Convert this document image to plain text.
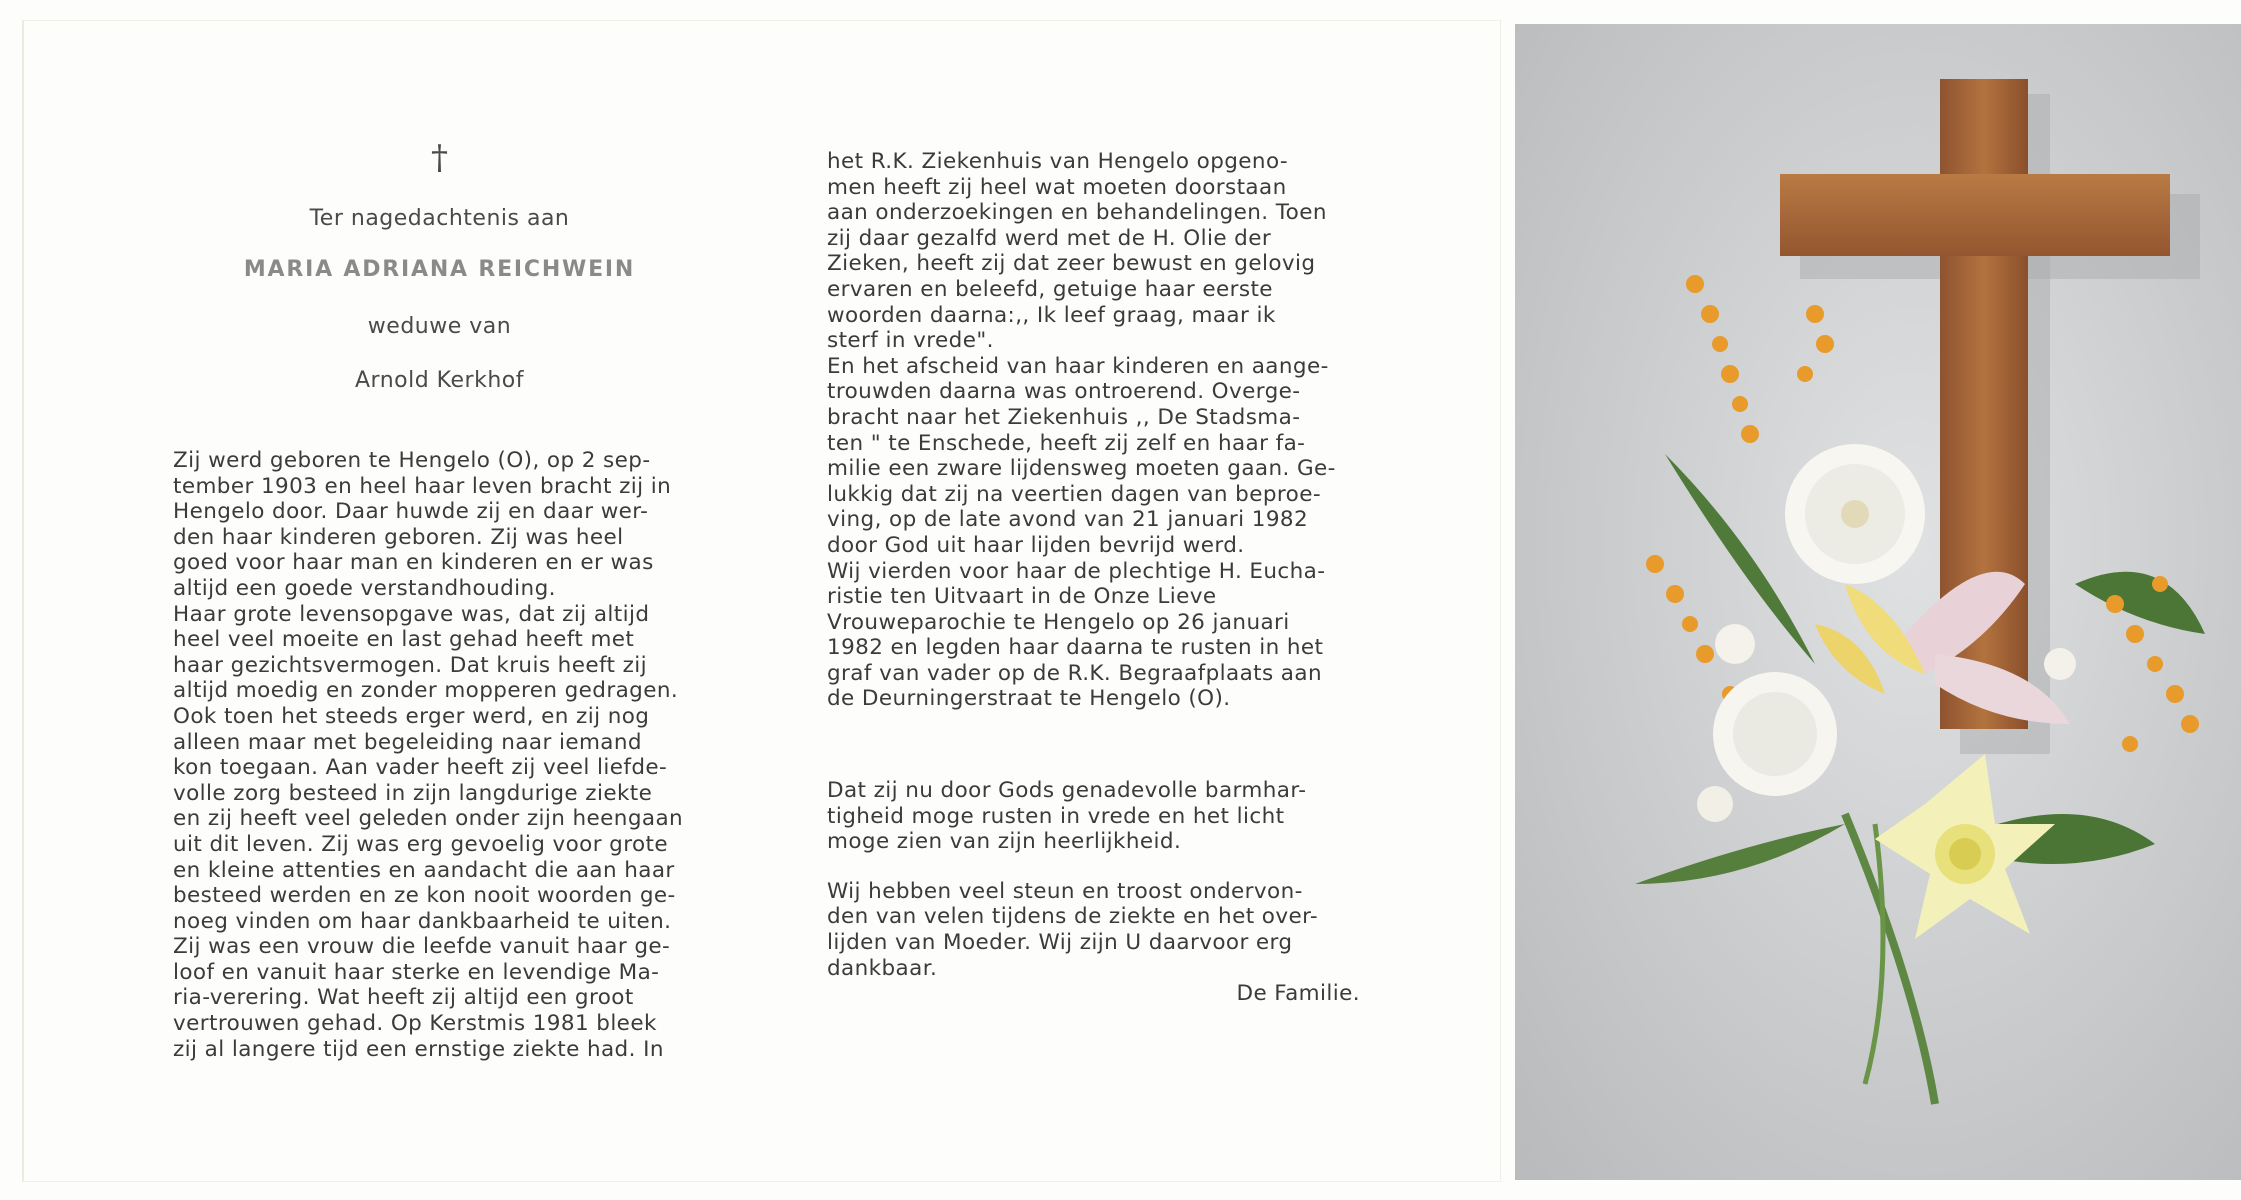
†
Ter nagedachtenis aan
MARIA ADRIANA REICHWEIN
weduwe van
Arnold Kerkhof

Zij werd geboren te Hengelo (O), op 2 sep-

tember 1903 en heel haar leven bracht zij in

Hengelo door. Daar huwde zij en daar wer-

den haar kinderen geboren. Zij was heel

goed voor haar man en kinderen en er was

altijd een goede verstandhouding.

Haar grote levensopgave was, dat zij altijd

heel veel moeite en last gehad heeft met

haar gezichtsvermogen. Dat kruis heeft zij

altijd moedig en zonder mopperen gedragen.

Ook toen het steeds erger werd, en zij nog

alleen maar met begeleiding naar iemand

kon toegaan. Aan vader heeft zij veel liefde-

volle zorg besteed in zijn langdurige ziekte

en zij heeft veel geleden onder zijn heengaan

uit dit leven. Zij was erg gevoelig voor grote

en kleine attenties en aandacht die aan haar

besteed werden en ze kon nooit woorden ge-

noeg vinden om haar dankbaarheid te uiten.

Zij was een vrouw die leefde vanuit haar ge-

loof en vanuit haar sterke en levendige Ma-

ria-verering. Wat heeft zij altijd een groot

vertrouwen gehad. Op Kerstmis 1981 bleek

zij al langere tijd een ernstige ziekte had. In

het R.K. Ziekenhuis van Hengelo opgeno-

men heeft zij heel wat moeten doorstaan

aan onderzoekingen en behandelingen. Toen

zij daar gezalfd werd met de H. Olie der

Zieken, heeft zij dat zeer bewust en gelovig

ervaren en beleefd, getuige haar eerste

woorden daarna:,, Ik leef graag, maar ik

sterf in vrede".

En het afscheid van haar kinderen en aange-

trouwden daarna was ontroerend. Overge-

bracht naar het Ziekenhuis ,, De Stadsma-

ten " te Enschede, heeft zij zelf en haar fa-

milie een zware lijdensweg moeten gaan. Ge-

lukkig dat zij na veertien dagen van beproe-

ving, op de late avond van 21 januari 1982

door God uit haar lijden bevrijd werd.

Wij vierden voor haar de plechtige H. Eucha-

ristie ten Uitvaart in de Onze Lieve

Vrouweparochie te Hengelo op 26 januari

1982 en legden haar daarna te rusten in het

graf van vader op de R.K. Begraafplaats aan

de Deurningerstraat te Hengelo (O).

Dat zij nu door Gods genadevolle barmhar-

tigheid moge rusten in vrede en het licht

moge zien van zijn heerlijkheid.

Wij hebben veel steun en troost ondervon-

den van velen tijdens de ziekte en het over-

lijden van Moeder. Wij zijn U daarvoor erg

dankbaar.

De Familie.
